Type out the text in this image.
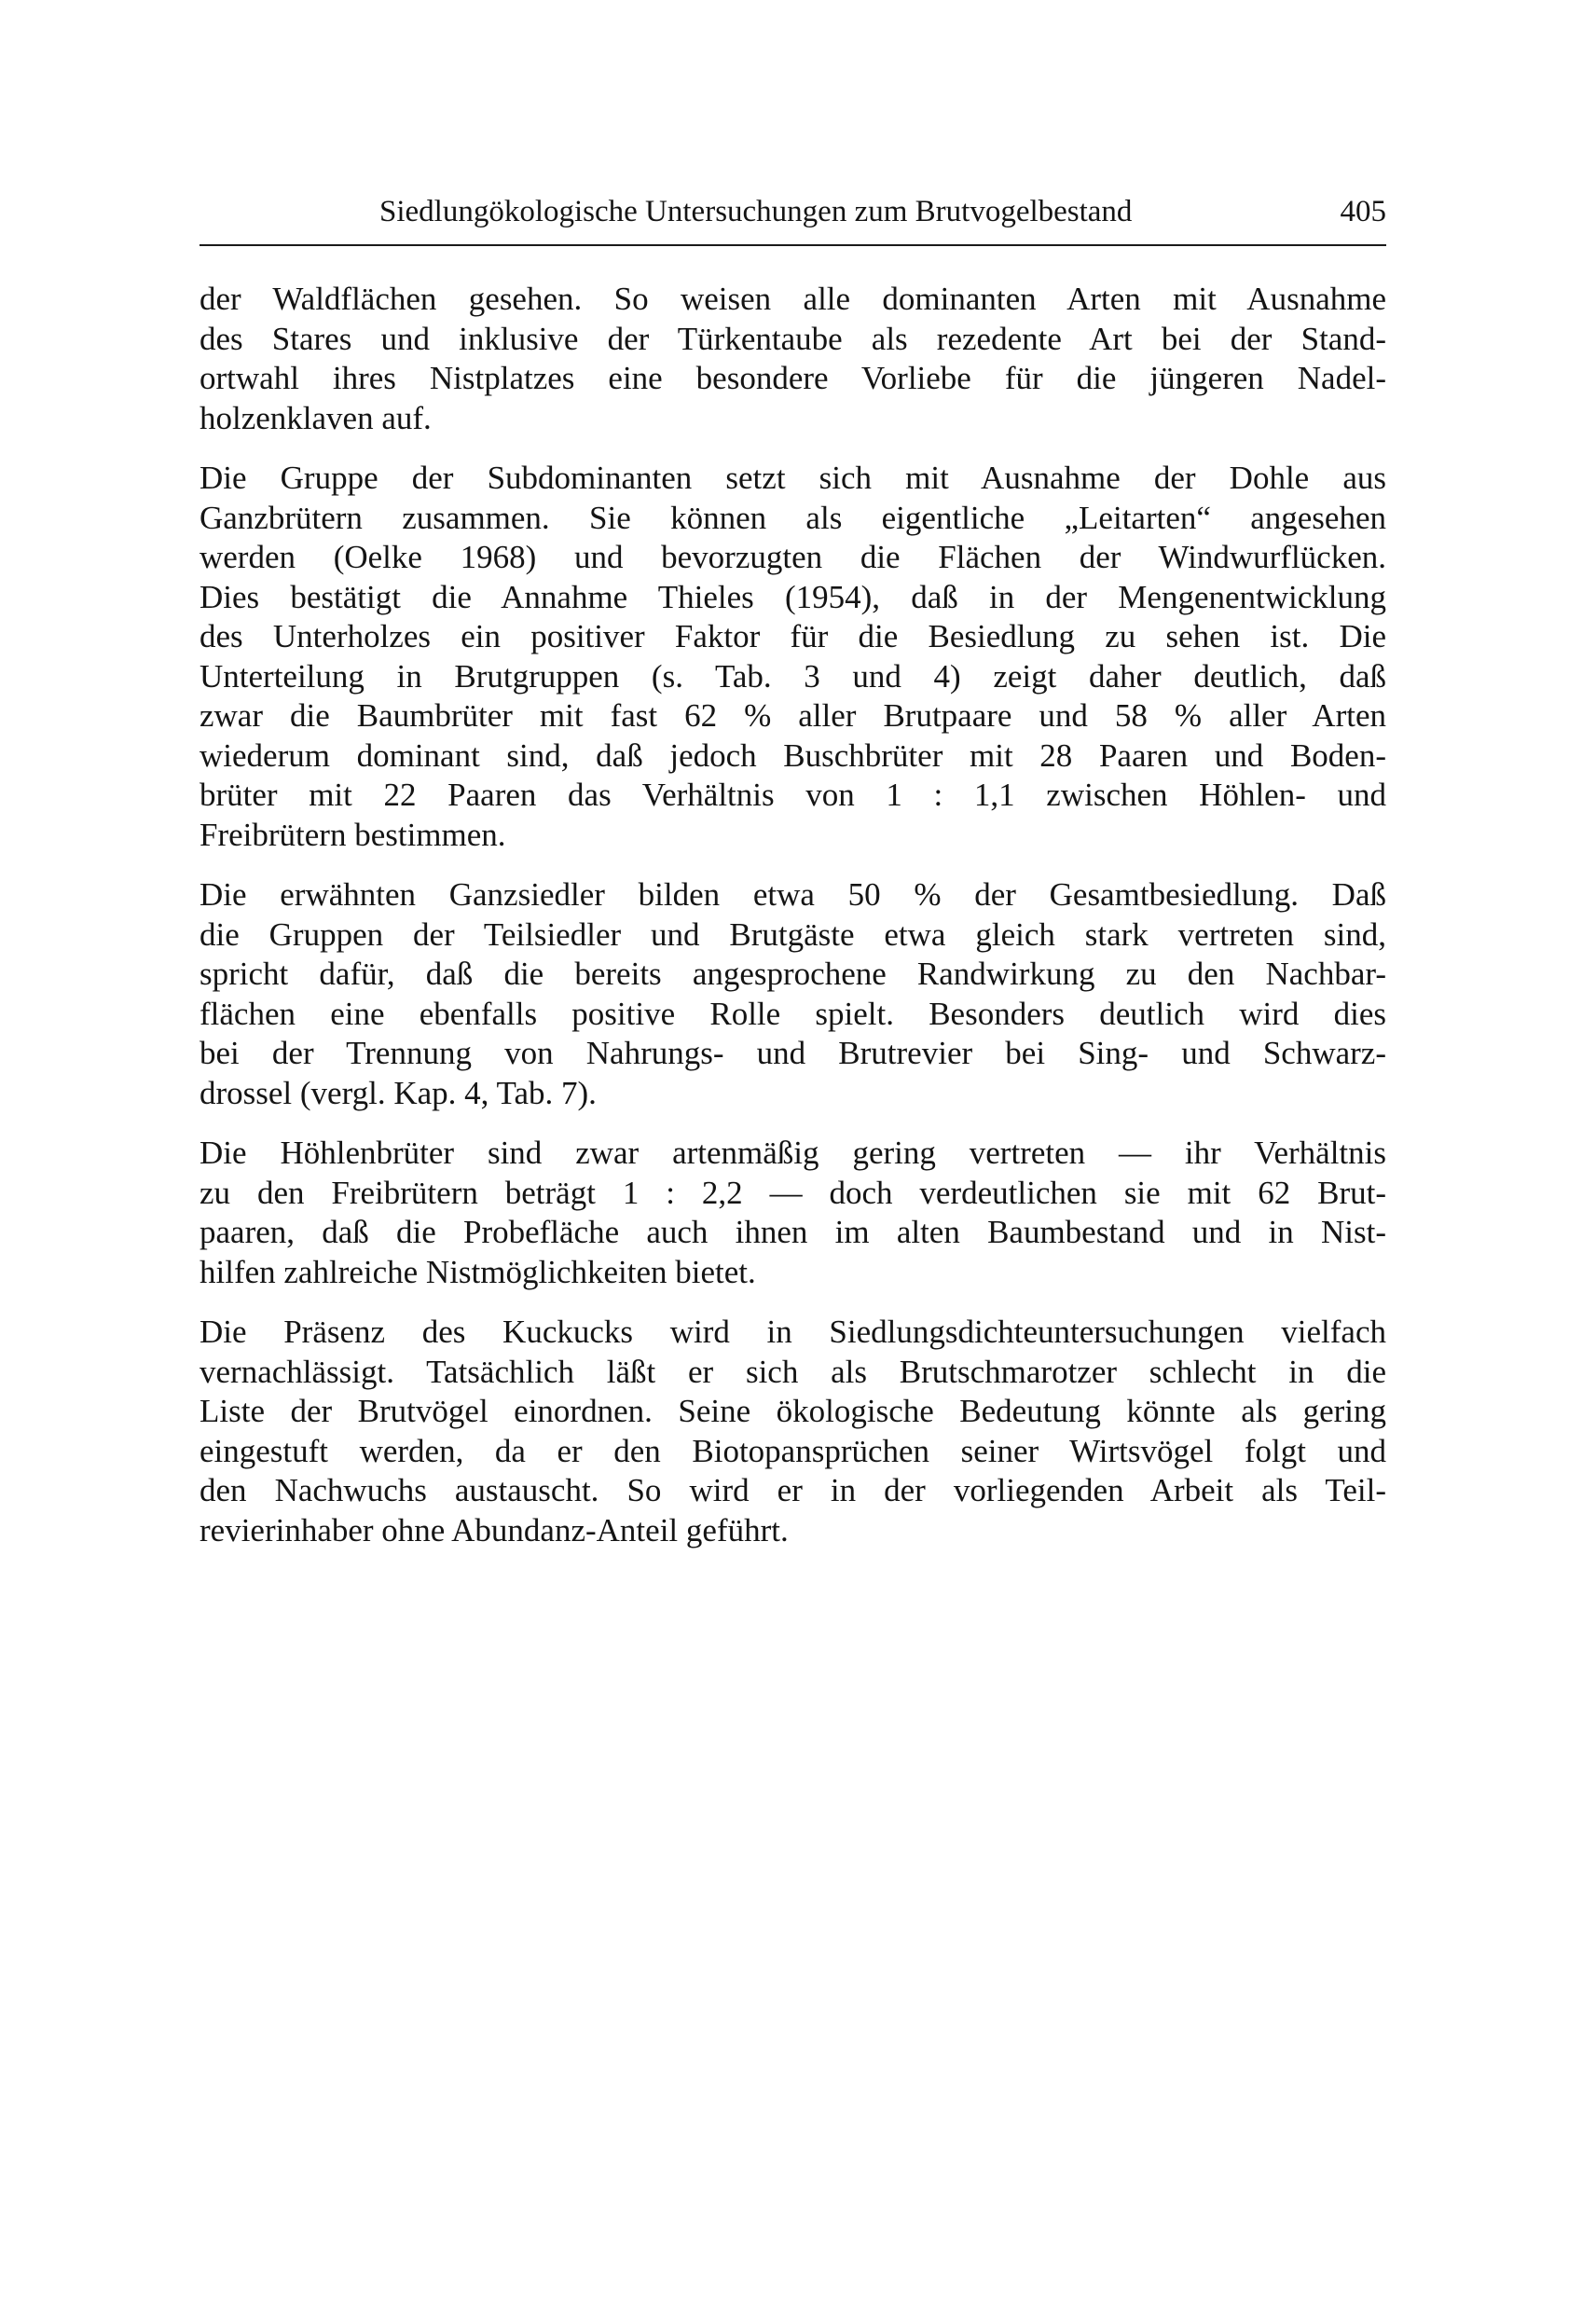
Siedlungökologische Untersuchungen zum Brutvogelbestand	405
der Waldflächen gesehen. So weisen alle dominanten Arten mit Ausnahme
des Stares und inklusive der Türkentaube als rezedente Art bei der Stand-
ortwahl ihres Nistplatzes eine besondere Vorliebe für die jüngeren Nadel-
holzenklaven auf.
Die Gruppe der Subdominanten setzt sich mit Ausnahme der Dohle aus
Ganzbrütern zusammen. Sie können als eigentliche „Leitarten“ angesehen
werden (Oelke 1968) und bevorzugten die Flächen der Windwurflücken.
Dies bestätigt die Annahme Thieles (1954), daß in der Mengenentwicklung
des Unterholzes ein positiver Faktor für die Besiedlung zu sehen ist. Die
Unterteilung in Brutgruppen (s. Tab. 3 und 4) zeigt daher deutlich, daß
zwar die Baumbrüter mit fast 62 % aller Brutpaare und 58 % aller Arten
wiederum dominant sind, daß jedoch Buschbrüter mit 28 Paaren und Boden-
brüter mit 22 Paaren das Verhältnis von 1 : 1,1 zwischen Höhlen- und
Freibrütern bestimmen.
Die erwähnten Ganzsiedler bilden etwa 50 % der Gesamtbesiedlung. Daß
die Gruppen der Teilsiedler und Brutgäste etwa gleich stark vertreten sind,
spricht dafür, daß die bereits angesprochene Randwirkung zu den Nachbar-
flächen eine ebenfalls positive Rolle spielt. Besonders deutlich wird dies
bei der Trennung von Nahrungs- und Brutrevier bei Sing- und Schwarz-
drossel (vergl. Kap. 4, Tab. 7).
Die Höhlenbrüter sind zwar artenmäßig gering vertreten — ihr Verhältnis
zu den Freibrütern beträgt 1 : 2,2 — doch verdeutlichen sie mit 62 Brut-
paaren, daß die Probefläche auch ihnen im alten Baumbestand und in Nist-
hilfen zahlreiche Nistmöglichkeiten bietet.
Die Präsenz des Kuckucks wird in Siedlungsdichteuntersuchungen vielfach
vernachlässigt. Tatsächlich läßt er sich als Brutschmarotzer schlecht in die
Liste der Brutvögel einordnen. Seine ökologische Bedeutung könnte als gering
eingestuft werden, da er den Biotopansprüchen seiner Wirtsvögel folgt und
den Nachwuchs austauscht. So wird er in der vorliegenden Arbeit als Teil-
revierinhaber ohne Abundanz-Anteil geführt.
